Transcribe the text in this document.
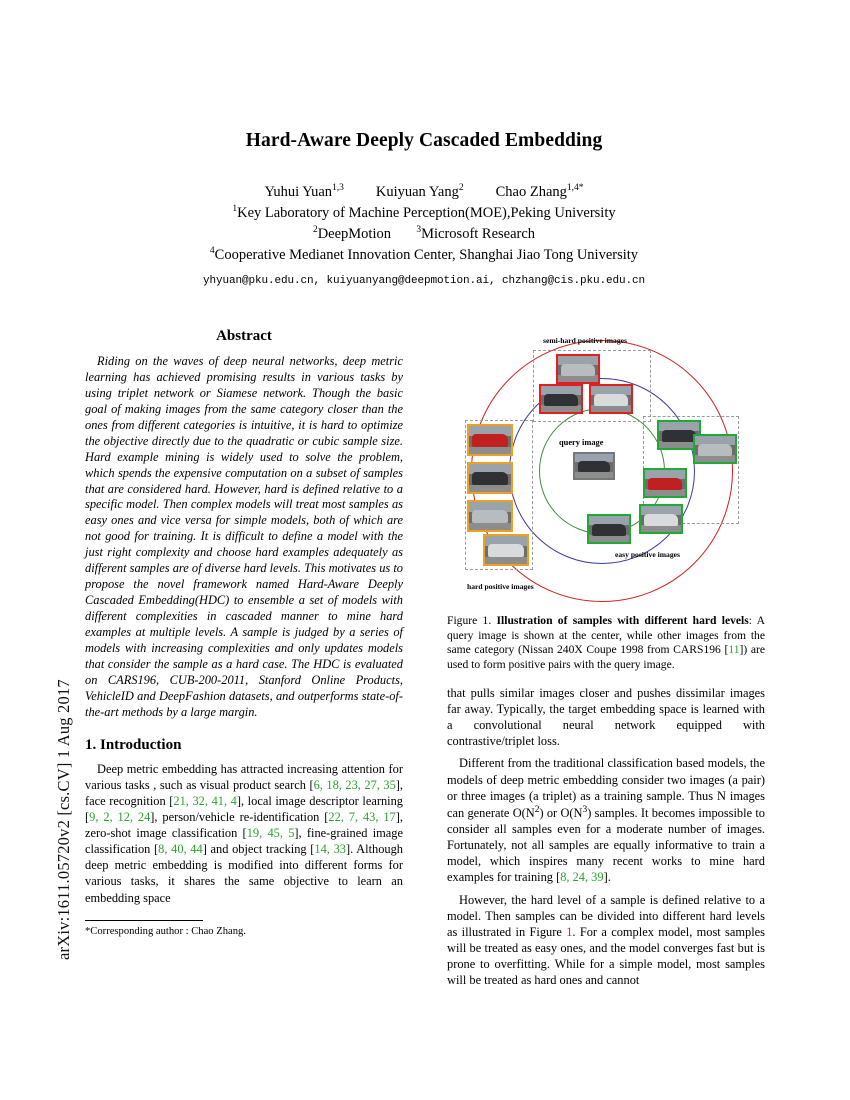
arXiv:1611.05720v2 [cs.CV] 1 Aug 2017
Hard-Aware Deeply Cascaded Embedding
Yuhui Yuan$^{1,3}$ Kuiyuan Yang$^2$ Chao Zhang$^{1,4*}$
$^1$Key Laboratory of Machine Perception(MOE),Peking University
$^2$DeepMotion	$^3$Microsoft Research
$^4$Cooperative Medianet Innovation Center, Shanghai Jiao Tong University
yhyuan@pku.edu.cn, kuiyuanyang@deepmotion.ai, chzhang@cis.pku.edu.cn
Abstract

Riding on the waves of deep neural networks, deep metric learning has achieved promising results in various tasks by using triplet network or Siamese network. Though the basic goal of making images from the same category closer than the ones from different categories is intuitive, it is hard to optimize the objective directly due to the quadratic or cubic sample size. Hard example mining is widely used to solve the problem, which spends the expensive computation on a subset of samples that are considered hard. However, hard is defined relative to a specific model. Then complex models will treat most samples as easy ones and vice versa for simple models, both of which are not good for training. It is difficult to define a model with the just right complexity and choose hard examples adequately as different samples are of diverse hard levels. This motivates us to propose the novel framework named Hard-Aware Deeply Cascaded Embedding(HDC) to ensemble a set of models with different complexities in cascaded manner to mine hard examples at multiple levels. A sample is judged by a series of models with increasing complexities and only updates models that consider the sample as a hard case. The HDC is evaluated on CARS196, CUB-200-2011, Stanford Online Products, VehicleID and DeepFashion datasets, and outperforms state-of-the-art methods by a large margin.

1. Introduction

Deep metric embedding has attracted increasing attention for various tasks , such as visual product search [6, 18, 23, 27, 35], face recognition [21, 32, 41, 4], local image descriptor learning [9, 2, 12, 24], person/vehicle re-identification [22, 7, 43, 17], zero-shot image classification [19, 45, 5], fine-grained image classification [8, 40, 44] and object tracking [14, 33]. Although deep metric embedding is modified into different forms for various tasks, it shares the same objective to learn an embedding space

*Corresponding author : Chao Zhang.
semi-hard positive images
query image
easy positive images
hard positive images
Figure 1. Illustration of samples with different hard levels: A query image is shown at the center, while other images from the same category (Nissan 240X Coupe 1998 from CARS196 [11]) are used to form positive pairs with the query image.

that pulls similar images closer and pushes dissimilar images far away. Typically, the target embedding space is learned with a convolutional neural network equipped with contrastive/triplet loss.

Different from the traditional classification based models, the models of deep metric embedding consider two images (a pair) or three images (a triplet) as a training sample. Thus N images can generate $O(N^2)$ or $O(N^3)$ samples. It becomes impossible to consider all samples even for a moderate number of images. Fortunately, not all samples are equally informative to train a model, which inspires many recent works to mine hard examples for training [8, 24, 39].

However, the hard level of a sample is defined relative to a model. Then samples can be divided into different hard levels as illustrated in Figure 1. For a complex model, most samples will be treated as easy ones, and the model converges fast but is prone to overfitting. While for a simple model, most samples will be treated as hard ones and cannot
